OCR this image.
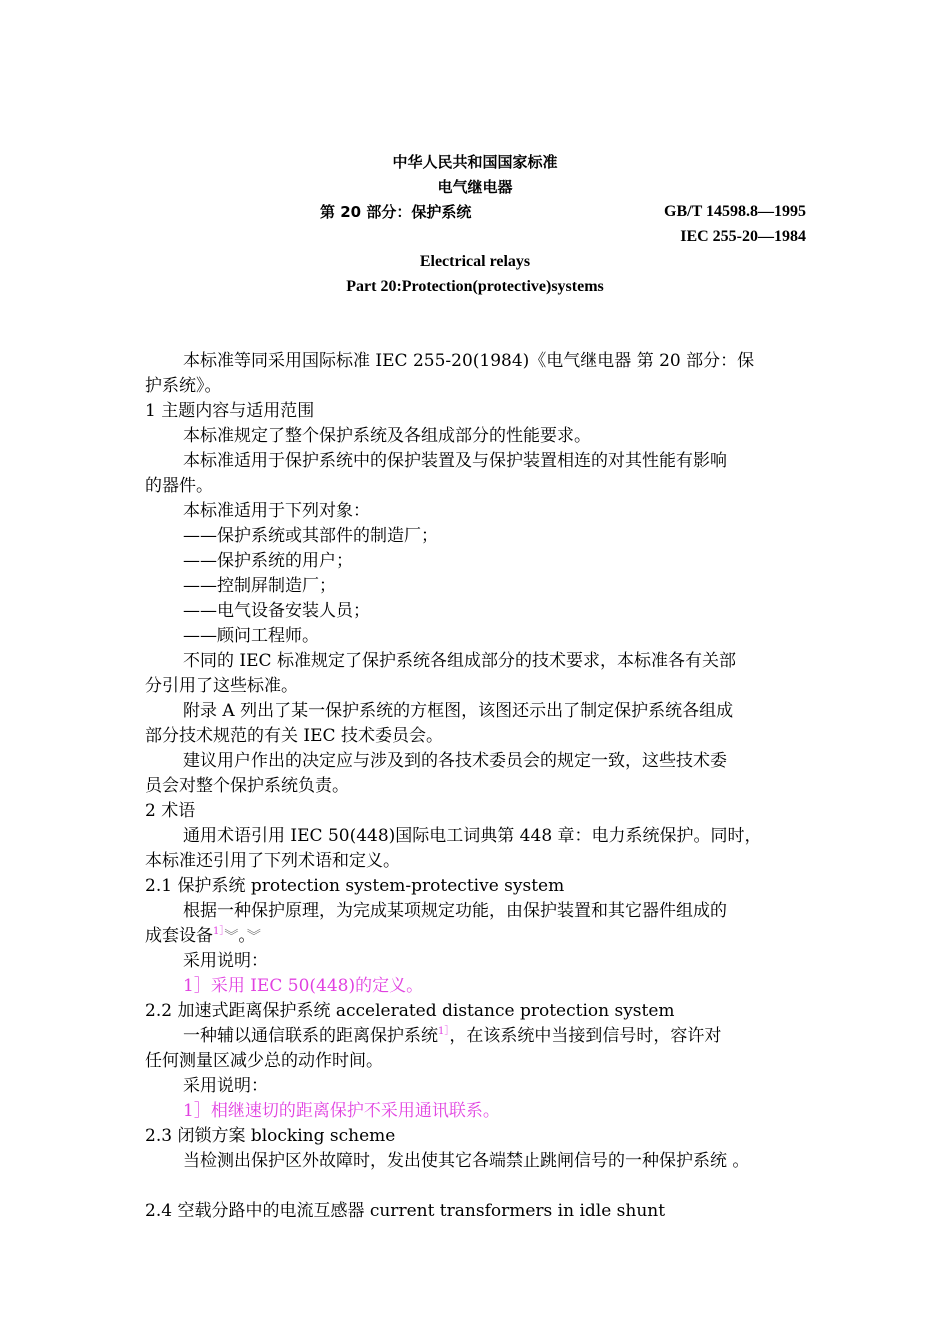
中华人民共和国国家标准
电气继电器
第 20 部分：保护系统	GB/T 14598.8—1995
IEC 255-20—1984
Electrical relays
Part 20:Protection(protective)systems
本标准等同采用国际标准 IEC 255-20(1984)《电气继电器 第 20 部分：保
护系统》。
1 主题内容与适用范围
本标准规定了整个保护系统及各组成部分的性能要求。
本标准适用于保护系统中的保护装置及与保护装置相连的对其性能有影响
的器件。
本标准适用于下列对象：
——保护系统或其部件的制造厂；
——保护系统的用户；
——控制屏制造厂；
——电气设备安装人员；
——顾问工程师。
不同的 IEC 标准规定了保护系统各组成部分的技术要求，本标准各有关部
分引用了这些标准。
附录 A 列出了某一保护系统的方框图，该图还示出了制定保护系统各组成
部分技术规范的有关 IEC 技术委员会。
建议用户作出的决定应与涉及到的各技术委员会的规定一致，这些技术委
员会对整个保护系统负责。
2 术语
通用术语引用 IEC 50(448)国际电工词典第 448 章：电力系统保护。同时，
本标准还引用了下列术语和定义。
2.1 保护系统 protection system-protective system
根据一种保护原理，为完成某项规定功能，由保护装置和其它器件组成的
成套设备$^{1]}$︾。︾
采用说明：
1］采用 IEC 50(448)的定义。
2.2 加速式距离保护系统 accelerated distance protection system
一种辅以通信联系的距离保护系统$^{1]}$，在该系统中当接到信号时，容许对
任何测量区减少总的动作时间。
采用说明：
1］相继速切的距离保护不采用通讯联系。
2.3 闭锁方案 blocking scheme
当检测出保护区外故障时，发出使其它各端禁止跳闸信号的一种保护系统 。
2.4 空载分路中的电流互感器 current transformers in idle shunt
